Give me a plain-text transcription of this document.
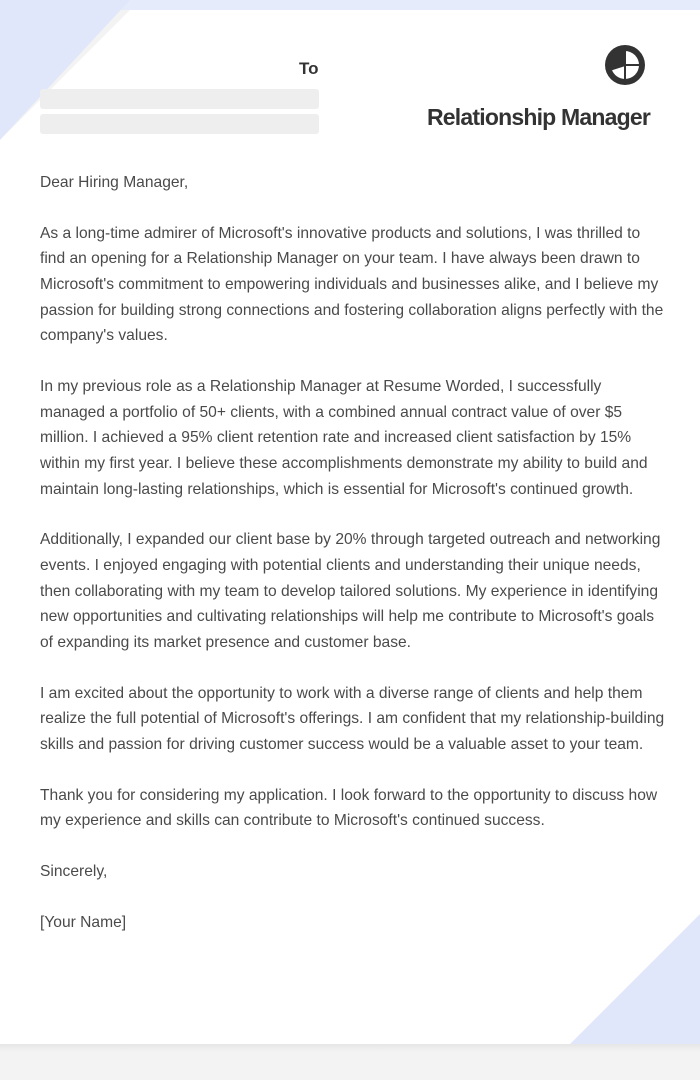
To
Relationship Manager

Dear Hiring Manager,

As a long-time admirer of Microsoft's innovative products and solutions, I was thrilled to find an opening for a Relationship Manager on your team. I have always been drawn to Microsoft's commitment to empowering individuals and businesses alike, and I believe my passion for building strong connections and fostering collaboration aligns perfectly with the company's values.

In my previous role as a Relationship Manager at Resume Worded, I successfully managed a portfolio of 50+ clients, with a combined annual contract value of over $5 million. I achieved a 95% client retention rate and increased client satisfaction by 15% within my first year. I believe these accomplishments demonstrate my ability to build and maintain long-lasting relationships, which is essential for Microsoft's continued growth.

Additionally, I expanded our client base by 20% through targeted outreach and networking events. I enjoyed engaging with potential clients and understanding their unique needs, then collaborating with my team to develop tailored solutions. My experience in identifying new opportunities and cultivating relationships will help me contribute to Microsoft's goals of expanding its market presence and customer base.

I am excited about the opportunity to work with a diverse range of clients and help them realize the full potential of Microsoft's offerings. I am confident that my relationship-building skills and passion for driving customer success would be a valuable asset to your team.

Thank you for considering my application. I look forward to the opportunity to discuss how my experience and skills can contribute to Microsoft's continued success.

Sincerely,

[Your Name]
